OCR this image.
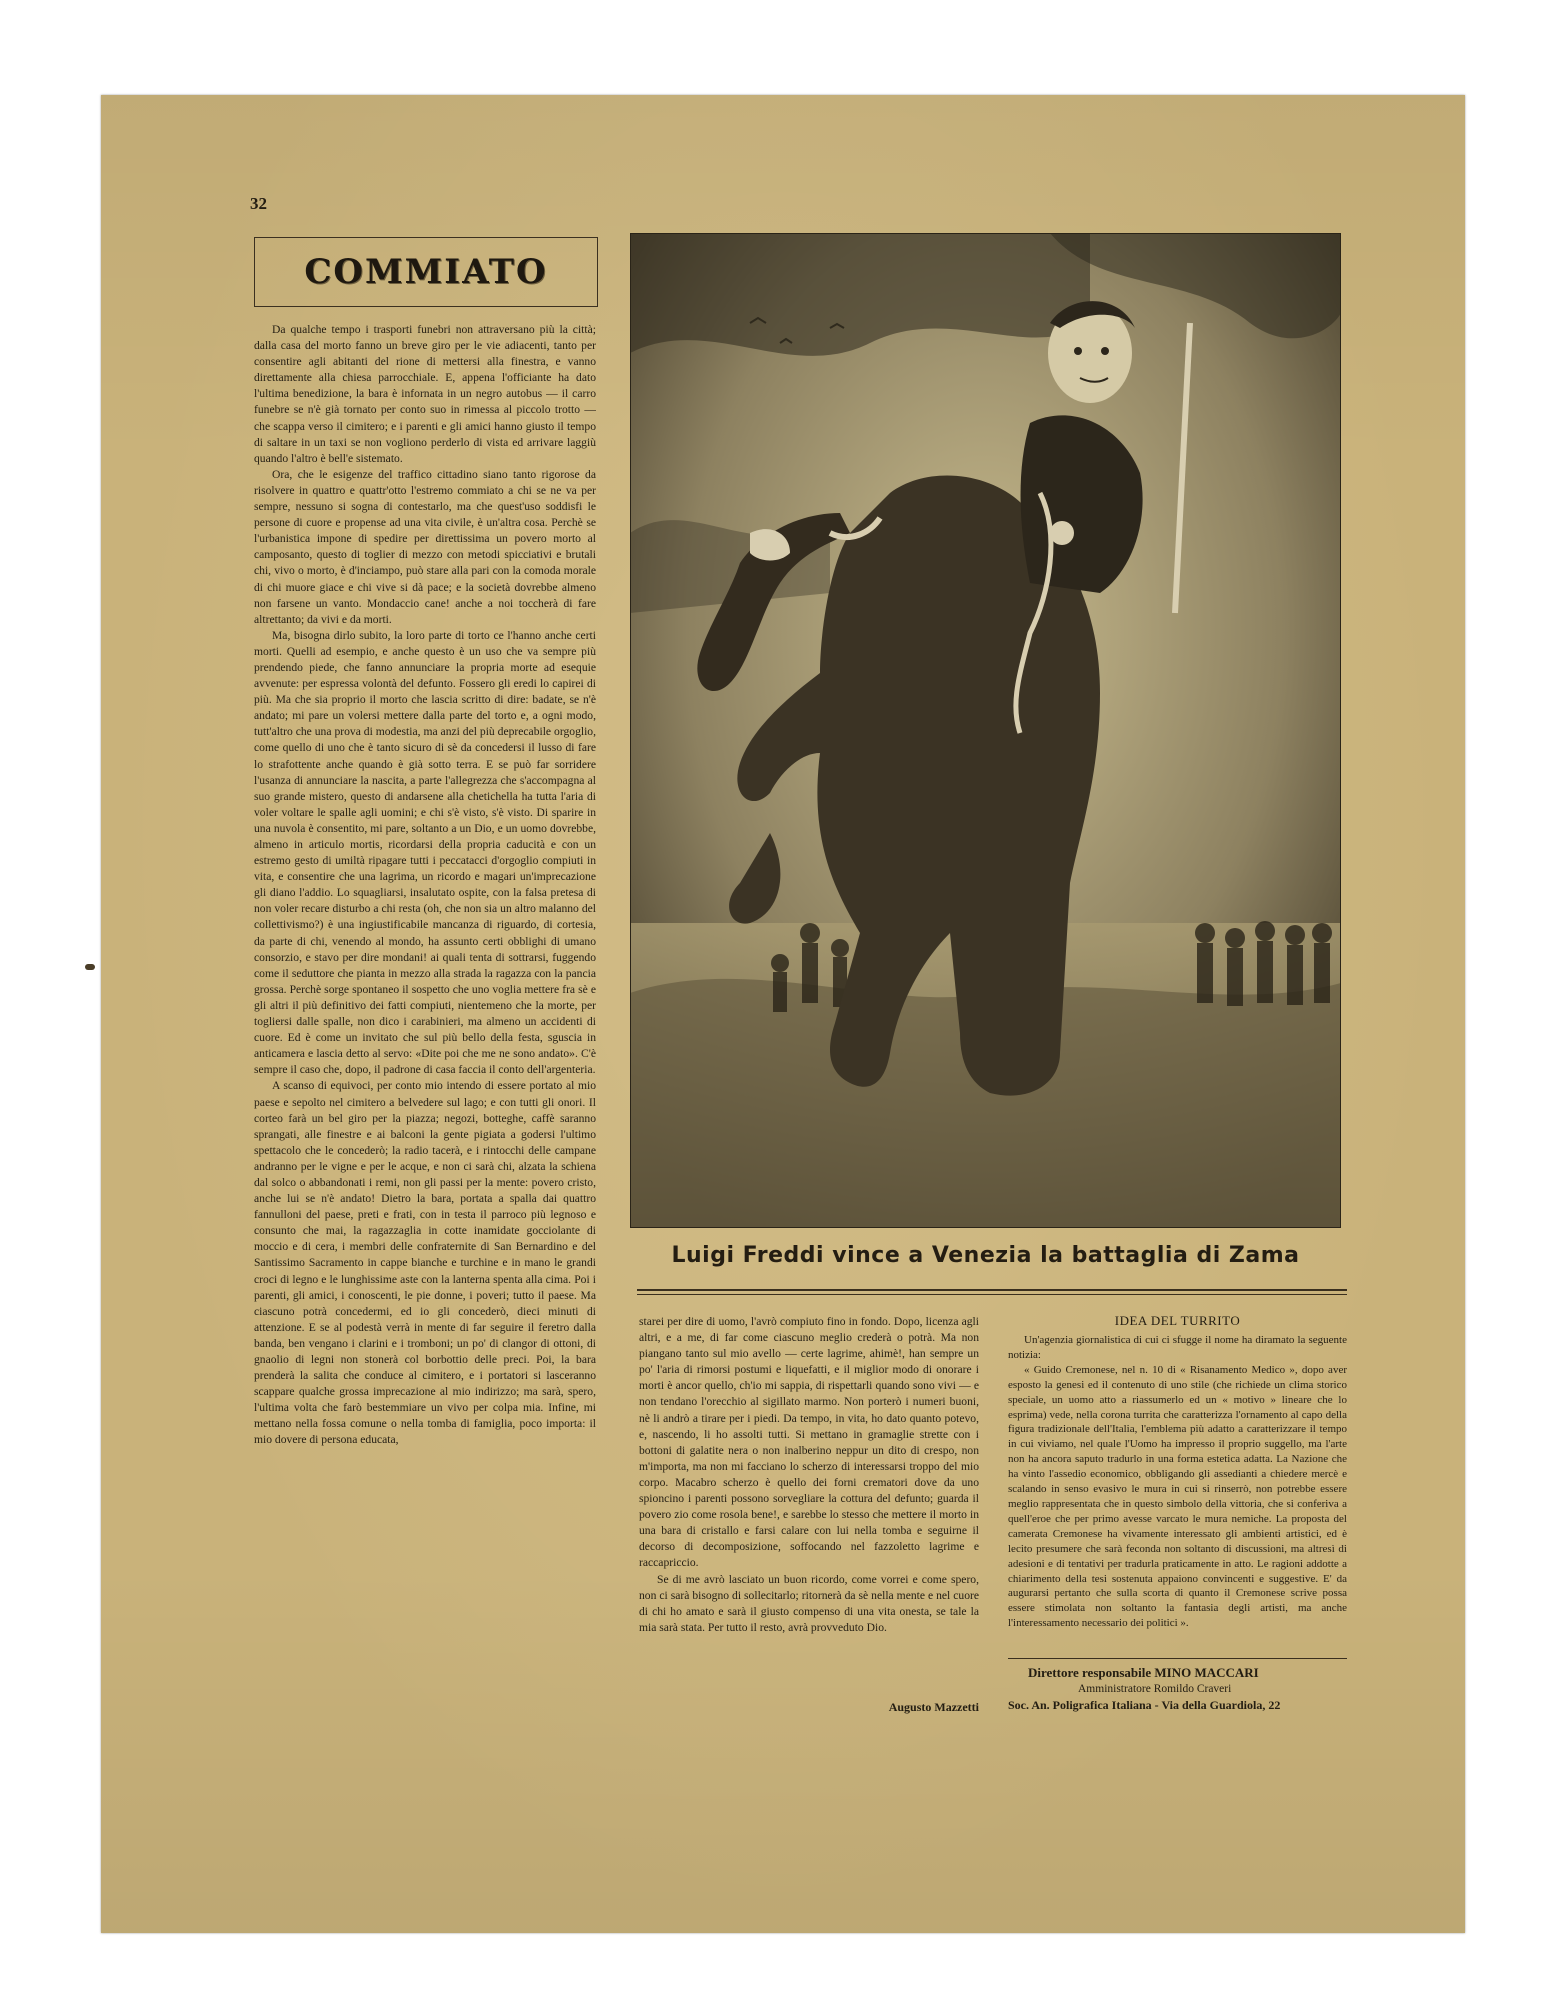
32
COMMIATO

Da qualche tempo i trasporti funebri non attraversano più la città; dalla casa del morto fanno un breve giro per le vie adiacenti, tanto per consentire agli abitanti del rione di mettersi alla finestra, e vanno direttamente alla chiesa parrocchiale. E, appena l'officiante ha dato l'ultima benedizione, la bara è infornata in un negro autobus — il carro funebre se n'è già tornato per conto suo in rimessa al piccolo trotto — che scappa verso il cimitero; e i parenti e gli amici hanno giusto il tempo di saltare in un taxi se non vogliono perderlo di vista ed arrivare laggiù quando l'altro è bell'e sistemato.

Ora, che le esigenze del traffico cittadino siano tanto rigorose da risolvere in quattro e quattr'otto l'estremo commiato a chi se ne va per sempre, nessuno si sogna di contestarlo, ma che quest'uso soddisfi le persone di cuore e propense ad una vita civile, è un'altra cosa. Perchè se l'urbanistica impone di spedire per direttissima un povero morto al camposanto, questo di toglier di mezzo con metodi spicciativi e brutali chi, vivo o morto, è d'inciampo, può stare alla pari con la comoda morale di chi muore giace e chi vive si dà pace; e la società dovrebbe almeno non farsene un vanto. Mondaccio cane! anche a noi toccherà di fare altrettanto; da vivi e da morti.

Ma, bisogna dirlo subito, la loro parte di torto ce l'hanno anche certi morti. Quelli ad esempio, e anche questo è un uso che va sempre più prendendo piede, che fanno annunciare la propria morte ad esequie avvenute: per espressa volontà del defunto. Fossero gli eredi lo capirei di più. Ma che sia proprio il morto che lascia scritto di dire: badate, se n'è andato; mi pare un volersi mettere dalla parte del torto e, a ogni modo, tutt'altro che una prova di modestia, ma anzi del più deprecabile orgoglio, come quello di uno che è tanto sicuro di sè da concedersi il lusso di fare lo strafottente anche quando è già sotto terra. E se può far sorridere l'usanza di annunciare la nascita, a parte l'allegrezza che s'accompagna al suo grande mistero, questo di andarsene alla chetichella ha tutta l'aria di voler voltare le spalle agli uomini; e chi s'è visto, s'è visto. Di sparire in una nuvola è consentito, mi pare, soltanto a un Dio, e un uomo dovrebbe, almeno in articulo mortis, ricordarsi della propria caducità e con un estremo gesto di umiltà ripagare tutti i peccatacci d'orgoglio compiuti in vita, e consentire che una lagrima, un ricordo e magari un'imprecazione gli diano l'addio. Lo squagliarsi, insalutato ospite, con la falsa pretesa di non voler recare disturbo a chi resta (oh, che non sia un altro malanno del collettivismo?) è una ingiustificabile mancanza di riguardo, di cortesia, da parte di chi, venendo al mondo, ha assunto certi obblighi di umano consorzio, e stavo per dire mondani! ai quali tenta di sottrarsi, fuggendo come il seduttore che pianta in mezzo alla strada la ragazza con la pancia grossa. Perchè sorge spontaneo il sospetto che uno voglia mettere fra sè e gli altri il più definitivo dei fatti compiuti, nientemeno che la morte, per togliersi dalle spalle, non dico i carabinieri, ma almeno un accidenti di cuore. Ed è come un invitato che sul più bello della festa, sguscia in anticamera e lascia detto al servo: «Dite poi che me ne sono andato». C'è sempre il caso che, dopo, il padrone di casa faccia il conto dell'argenteria.

A scanso di equivoci, per conto mio intendo di essere portato al mio paese e sepolto nel cimitero a belvedere sul lago; e con tutti gli onori. Il corteo farà un bel giro per la piazza; negozi, botteghe, caffè saranno sprangati, alle finestre e ai balconi la gente pigiata a godersi l'ultimo spettacolo che le concederò; la radio tacerà, e i rintocchi delle campane andranno per le vigne e per le acque, e non ci sarà chi, alzata la schiena dal solco o abbandonati i remi, non gli passi per la mente: povero cristo, anche lui se n'è andato! Dietro la bara, portata a spalla dai quattro fannulloni del paese, preti e frati, con in testa il parroco più legnoso e consunto che mai, la ragazzaglia in cotte inamidate gocciolante di moccio e di cera, i membri delle confraternite di San Bernardino e del Santissimo Sacramento in cappe bianche e turchine e in mano le grandi croci di legno e le lunghissime aste con la lanterna spenta alla cima. Poi i parenti, gli amici, i conoscenti, le pie donne, i poveri; tutto il paese. Ma ciascuno potrà concedermi, ed io gli concederò, dieci minuti di attenzione. E se al podestà verrà in mente di far seguire il feretro dalla banda, ben vengano i clarini e i tromboni; un po' di clangor di ottoni, di gnaolio di legni non stonerà col borbottio delle preci. Poi, la bara prenderà la salita che conduce al cimitero, e i portatori si lasceranno scappare qualche grossa imprecazione al mio indirizzo; ma sarà, spero, l'ultima volta che farò bestemmiare un vivo per colpa mia. Infine, mi mettano nella fossa comune o nella tomba di famiglia, poco importa: il mio dovere di persona educata,

Luigi Freddi vince a Venezia la battaglia di Zama

starei per dire di uomo, l'avrò compiuto fino in fondo. Dopo, licenza agli altri, e a me, di far come ciascuno meglio crederà o potrà. Ma non piangano tanto sul mio avello — certe lagrime, ahimè!, han sempre un po' l'aria di rimorsi postumi e liquefatti, e il miglior modo di onorare i morti è ancor quello, ch'io mi sappia, di rispettarli quando sono vivi — e non tendano l'orecchio al sigillato marmo. Non porterò i numeri buoni, nè li andrò a tirare per i piedi. Da tempo, in vita, ho dato quanto potevo, e, nascendo, li ho assolti tutti. Si mettano in gramaglie strette con i bottoni di galatite nera o non inalberino neppur un dito di crespo, non m'importa, ma non mi facciano lo scherzo di interessarsi troppo del mio corpo. Macabro scherzo è quello dei forni crematori dove da uno spioncino i parenti possono sorvegliare la cottura del defunto; guarda il povero zio come rosola bene!, e sarebbe lo stesso che mettere il morto in una bara di cristallo e farsi calare con lui nella tomba e seguirne il decorso di decomposizione, soffocando nel fazzoletto lagrime e raccapriccio.

Se di me avrò lasciato un buon ricordo, come vorrei e come spero, non ci sarà bisogno di sollecitarlo; ritornerà da sè nella mente e nel cuore di chi ho amato e sarà il giusto compenso di una vita onesta, se tale la mia sarà stata. Per tutto il resto, avrà provveduto Dio.

Augusto Mazzetti
IDEA DEL TURRITO

Un'agenzia giornalistica di cui ci sfugge il nome ha diramato la seguente notizia:

« Guido Cremonese, nel n. 10 di « Risanamento Medico », dopo aver esposto la genesi ed il contenuto di uno stile (che richiede un clima storico speciale, un uomo atto a riassumerlo ed un « motivo » lineare che lo esprima) vede, nella corona turrita che caratterizza l'ornamento al capo della figura tradizionale dell'Italia, l'emblema più adatto a caratterizzare il tempo in cui viviamo, nel quale l'Uomo ha impresso il proprio suggello, ma l'arte non ha ancora saputo tradurlo in una forma estetica adatta. La Nazione che ha vinto l'assedio economico, obbligando gli assedianti a chiedere mercè e scalando in senso evasivo le mura in cui si rinserrò, non potrebbe essere meglio rappresentata che in questo simbolo della vittoria, che si conferiva a quell'eroe che per primo avesse varcato le mura nemiche. La proposta del camerata Cremonese ha vivamente interessato gli ambienti artistici, ed è lecito presumere che sarà feconda non soltanto di discussioni, ma altresì di adesioni e di tentativi per tradurla praticamente in atto. Le ragioni addotte a chiarimento della tesi sostenuta appaiono convincenti e suggestive. E' da augurarsi pertanto che sulla scorta di quanto il Cremonese scrive possa essere stimolata non soltanto la fantasia degli artisti, ma anche l'interessamento necessario dei politici ».

Direttore responsabile MINO MACCARI
Amministratore Romildo Craveri
Soc. An. Poligrafica Italiana - Via della Guardiola, 22
